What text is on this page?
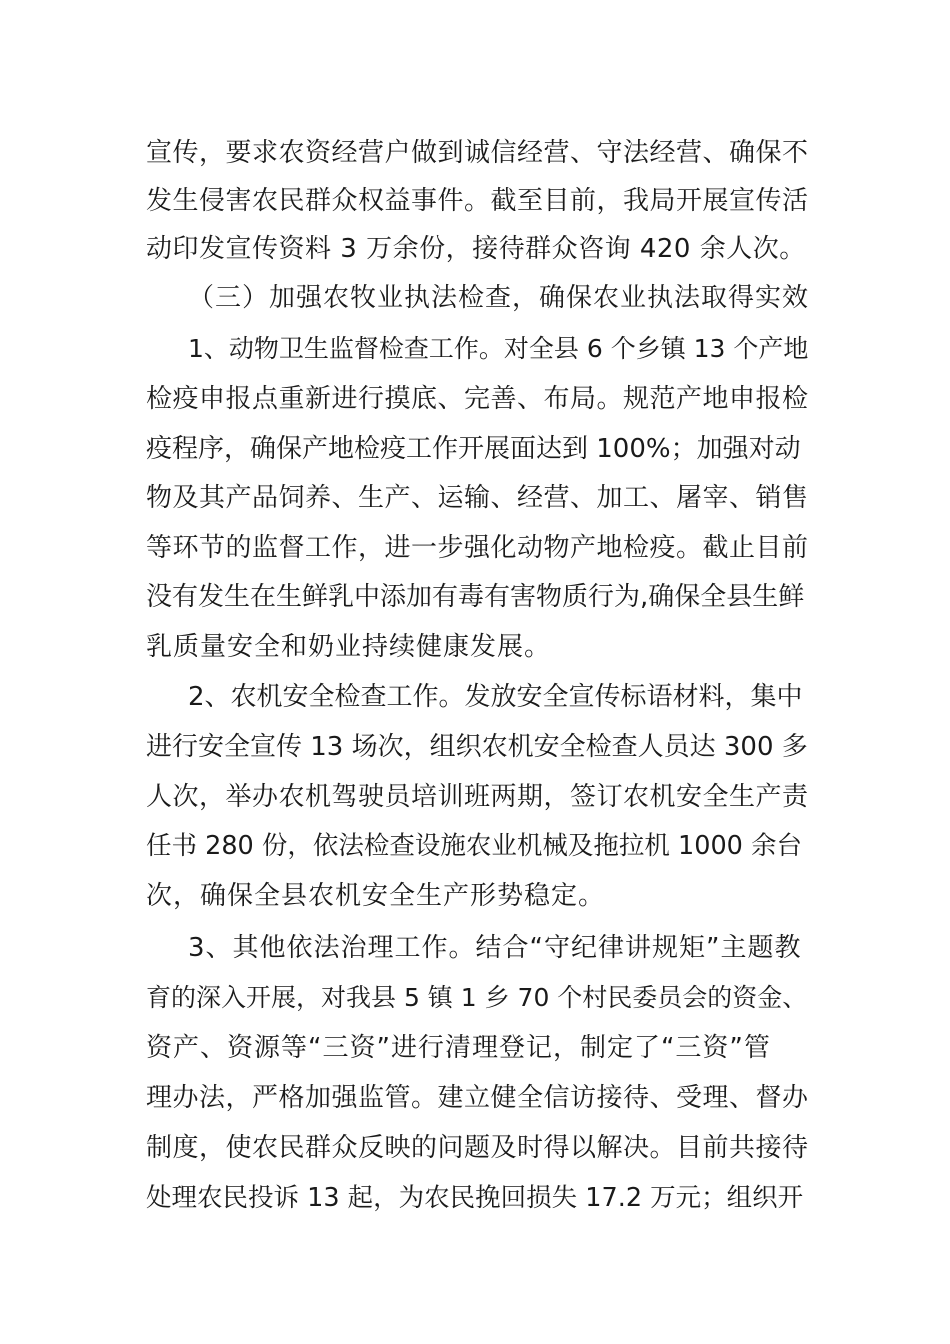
宣传，要求农资经营户做到诚信经营、守法经营、确保不
发生侵害农民群众权益事件。截至目前，我局开展宣传活
动印发宣传资料 3 万余份，接待群众咨询 420 余人次。
（三）加强农牧业执法检查，确保农业执法取得实效
1、动物卫生监督检查工作。对全县 6 个乡镇 13 个产地
检疫申报点重新进行摸底、完善、布局。规范产地申报检
疫程序，确保产地检疫工作开展面达到 100%；加强对动
物及其产品饲养、生产、运输、经营、加工、屠宰、销售
等环节的监督工作，进一步强化动物产地检疫。截止目前
没有发生在生鲜乳中添加有毒有害物质行为,确保全县生鲜
乳质量安全和奶业持续健康发展。
2、农机安全检查工作。发放安全宣传标语材料，集中
进行安全宣传 13 场次，组织农机安全检查人员达 300 多
人次，举办农机驾驶员培训班两期，签订农机安全生产责
任书 280 份，依法检查设施农业机械及拖拉机 1000 余台
次，确保全县农机安全生产形势稳定。
3、其他依法治理工作。结合“守纪律讲规矩”主题教
育的深入开展，对我县 5 镇 1 乡 70 个村民委员会的资金、
资产、资源等“三资”进行清理登记，制定了“三资”管
理办法，严格加强监管。建立健全信访接待、受理、督办
制度，使农民群众反映的问题及时得以解决。目前共接待
处理农民投诉 13 起，为农民挽回损失 17.2 万元；组织开
